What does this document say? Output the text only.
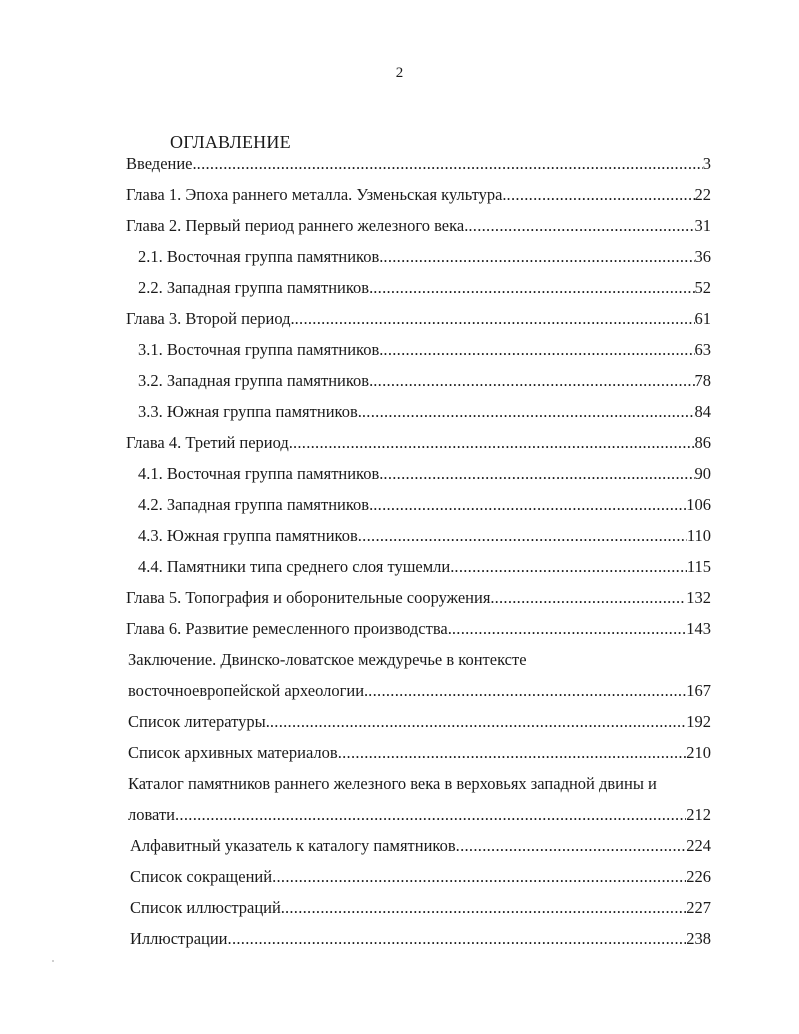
2
ОГЛАВЛЕНИЕ
Введение. .....	3
Глава 1. Эпоха раннего металла. Узменьская культура. .....	22
Глава 2. Первый период раннего железного века. .....	31
2.1. Восточная группа памятников. .....	36
2.2. Западная группа памятников. .....	52
Глава 3. Второй период. .....	61
3.1. Восточная группа памятников. .....	63
3.2. Западная группа памятников. .....	78
3.3. Южная группа памятников. .....	84
Глава 4. Третий период. .....	86
4.1. Восточная группа памятников. .....	90
4.2. Западная группа памятников. .....	106
4.3. Южная группа памятников .....	110
4.4. Памятники типа среднего слоя тушемли. .....	115
Глава 5. Топография и оборонительные сооружения. .....	132
Глава 6. Развитие ремесленного производства. .....	143
Заключение. Двинско-ловатское междуречье в контексте
восточноевропейской археологии. .....	167
Список литературы. .....	192
Список архивных материалов .....	210
Каталог памятников раннего железного века в верховьях западной двины и
ловати .....	212
Алфавитный указатель к каталогу памятников .....	224
Список сокращений .....	226
Список иллюстраций. .....	227
Иллюстрации .....	238
